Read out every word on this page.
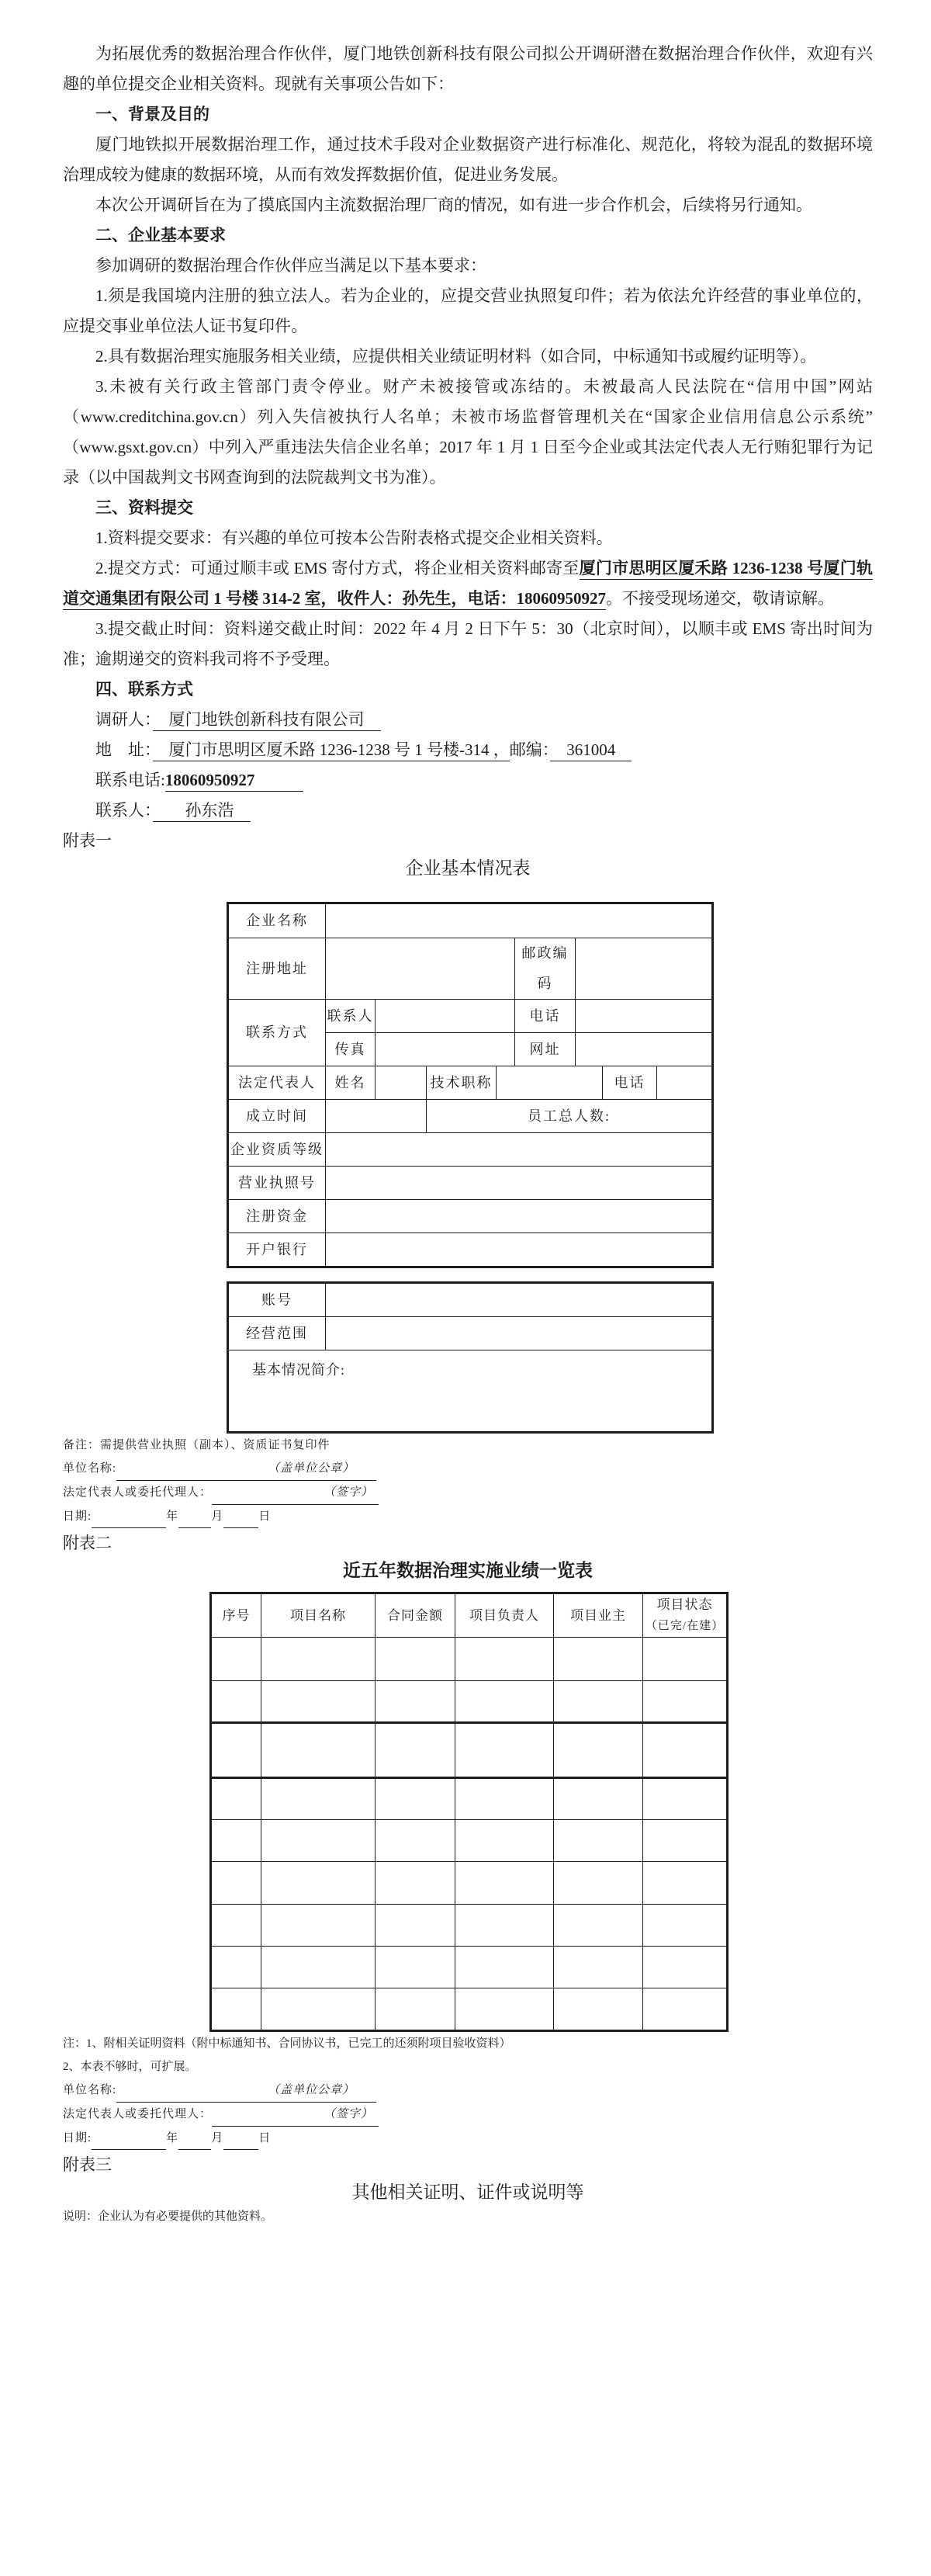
为拓展优秀的数据治理合作伙伴，厦门地铁创新科技有限公司拟公开调研潜在数据治理合作伙伴，欢迎有兴趣的单位提交企业相关资料。现就有关事项公告如下：
一、背景及目的
厦门地铁拟开展数据治理工作，通过技术手段对企业数据资产进行标准化、规范化，将较为混乱的数据环境治理成较为健康的数据环境，从而有效发挥数据价值，促进业务发展。
本次公开调研旨在为了摸底国内主流数据治理厂商的情况，如有进一步合作机会，后续将另行通知。
二、企业基本要求
参加调研的数据治理合作伙伴应当满足以下基本要求：
1.须是我国境内注册的独立法人。若为企业的，应提交营业执照复印件；若为依法允许经营的事业单位的，应提交事业单位法人证书复印件。
2.具有数据治理实施服务相关业绩，应提供相关业绩证明材料（如合同，中标通知书或履约证明等）。
3.未被有关行政主管部门责令停业。财产未被接管或冻结的。未被最高人民法院在“信用中国”网站（www.creditchina.gov.cn）列入失信被执行人名单；未被市场监督管理机关在“国家企业信用信息公示系统”（www.gsxt.gov.cn）中列入严重违法失信企业名单；2017 年 1 月 1 日至今企业或其法定代表人无行贿犯罪行为记录（以中国裁判文书网查询到的法院裁判文书为准）。
三、资料提交
1.资料提交要求：有兴趣的单位可按本公告附表格式提交企业相关资料。
2.提交方式：可通过顺丰或 EMS 寄付方式，将企业相关资料邮寄至厦门市思明区厦禾路 1236-1238 号厦门轨道交通集团有限公司 1 号楼 314-2 室，收件人：孙先生，电话：18060950927。不接受现场递交，敬请谅解。
3.提交截止时间：资料递交截止时间：2022 年 4 月 2 日下午 5：30（北京时间），以顺丰或 EMS 寄出时间为准；逾期递交的资料我司将不予受理。
四、联系方式
调研人：　厦门地铁创新科技有限公司　
地　址：　厦门市思明区厦禾路 1236-1238 号 1 号楼-314 ，邮编：　361004　
联系电话:18060950927　　　
联系人：　　孙东浩　
附表一
企业基本情况表
企业名称								
注册地址					邮政编码			
联系方式	联系人				电话			
	传真				网址			
法定代表人	姓名		技术职称				电话	
成立时间			员工总人数:					
企业资质等级								
营业执照号								
注册资金								
开户银行								
账号	
经营范围	
基本情况简介:	
备注：需提供营业执照（副本）、资质证书复印件
单位名称:	（盖单位公章）
法定代表人或委托代理人：	（签字）
日期:	年	月	日
附表二
近五年数据治理实施业绩一览表
序号	项目名称	合同金额	项目负责人	项目业主	项目状态
（已完/在建）

注：1、附相关证明资料（附中标通知书、合同协议书，已完工的还须附项目验收资料）
2、本表不够时，可扩展。
单位名称:	（盖单位公章）
法定代表人或委托代理人：	（签字）
日期:	年	月	日
附表三
其他相关证明、证件或说明等
说明：企业认为有必要提供的其他资料。
